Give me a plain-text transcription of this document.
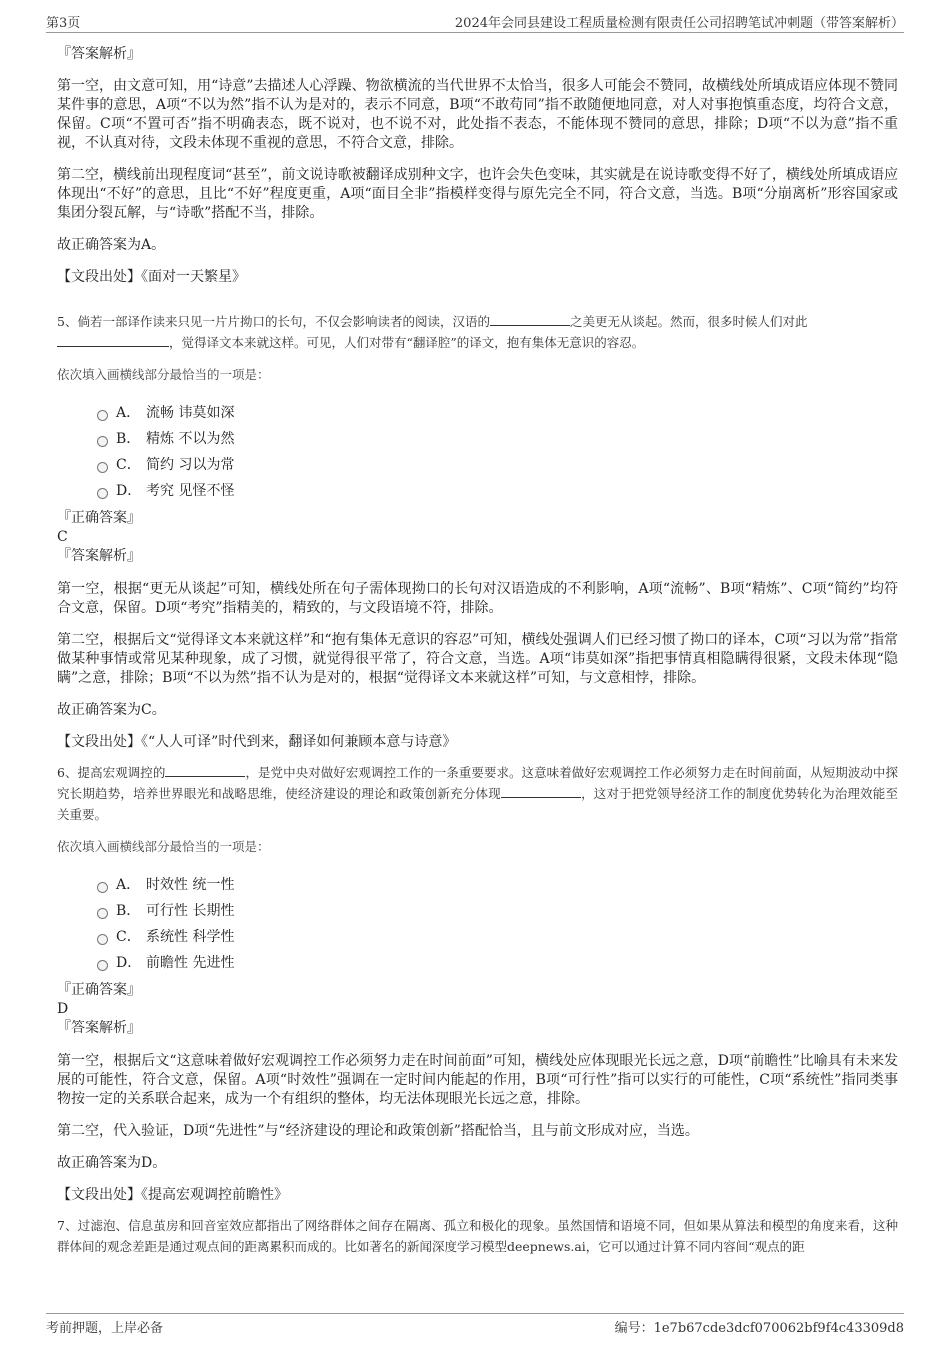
第3页	2024年会同县建设工程质量检测有限责任公司招聘笔试冲刺题（带答案解析）

『答案解析』

第一空，由文意可知，用“诗意”去描述人心浮躁、物欲横流的当代世界不太恰当，很多人可能会不赞同，故横线处所填成语应体现不赞同某件事的意思，A项“不以为然”指不认为是对的，表示不同意，B项“不敢苟同”指不敢随便地同意，对人对事抱慎重态度，均符合文意，保留。C项“不置可否”指不明确表态，既不说对，也不说不对，此处指不表态，不能体现不赞同的意思，排除；D项“不以为意”指不重视，不认真对待，文段未体现不重视的意思，不符合文意，排除。

第二空，横线前出现程度词“甚至”，前文说诗歌被翻译成别种文字，也许会失色变味，其实就是在说诗歌变得不好了，横线处所填成语应体现出“不好”的意思，且比“不好”程度更重，A项“面目全非”指模样变得与原先完全不同，符合文意，当选。B项“分崩离析”形容国家或集团分裂瓦解，与“诗歌”搭配不当，排除。

故正确答案为A。

【文段出处】《面对一天繁星》

5、倘若一部译作读来只见一片片拗口的长句，不仅会影响读者的阅读，汉语的	之美更无从谈起。然而，很多时候人们对此
，觉得译文本来就这样。可见，人们对带有“翻译腔”的译文，抱有集体无意识的容忍。

依次填入画横线部分最恰当的一项是：

A． 流畅 讳莫如深
B． 精炼 不以为然
C． 简约 习以为常
D． 考究 见怪不怪

『正确答案』

C

『答案解析』

第一空，根据“更无从谈起”可知，横线处所在句子需体现拗口的长句对汉语造成的不利影响，A项“流畅”、B项“精炼”、C项“简约”均符合文意，保留。D项“考究”指精美的，精致的，与文段语境不符，排除。

第二空，根据后文“觉得译文本来就这样”和“抱有集体无意识的容忍”可知，横线处强调人们已经习惯了拗口的译本，C项“习以为常”指常做某种事情或常见某种现象，成了习惯，就觉得很平常了，符合文意，当选。A项“讳莫如深”指把事情真相隐瞒得很紧，文段未体现“隐瞒”之意，排除；B项“不以为然”指不认为是对的，根据“觉得译文本来就这样”可知，与文意相悖，排除。

故正确答案为C。

【文段出处】《“人人可译”时代到来，翻译如何兼顾本意与诗意》

6、提高宏观调控的	，是党中央对做好宏观调控工作的一条重要要求。这意味着做好宏观调控工作必须努力走在时间前面，从短期波动中探究长期趋势，培养世界眼光和战略思维，使经济建设的理论和政策创新充分体现	，这对于把党领导经济工作的制度优势转化为治理效能至关重要。

依次填入画横线部分最恰当的一项是：

A． 时效性 统一性
B． 可行性 长期性
C． 系统性 科学性
D． 前瞻性 先进性

『正确答案』

D

『答案解析』

第一空，根据后文“这意味着做好宏观调控工作必须努力走在时间前面”可知，横线处应体现眼光长远之意，D项“前瞻性”比喻具有未来发展的可能性，符合文意，保留。A项“时效性”强调在一定时间内能起的作用，B项“可行性”指可以实行的可能性，C项“系统性”指同类事物按一定的关系联合起来，成为一个有组织的整体，均无法体现眼光长远之意，排除。

第二空，代入验证，D项“先进性”与“经济建设的理论和政策创新”搭配恰当，且与前文形成对应，当选。

故正确答案为D。

【文段出处】《提高宏观调控前瞻性》

7、过滤泡、信息茧房和回音室效应都指出了网络群体之间存在隔离、孤立和极化的现象。虽然国情和语境不同，但如果从算法和模型的角度来看，这种群体间的观念差距是通过观点间的距离累积而成的。比如著名的新闻深度学习模型deepnews.ai，它可以通过计算不同内容间“观点的距

考前押题，上岸必备	编号：1e7b67cde3dcf070062bf9f4c43309d8
